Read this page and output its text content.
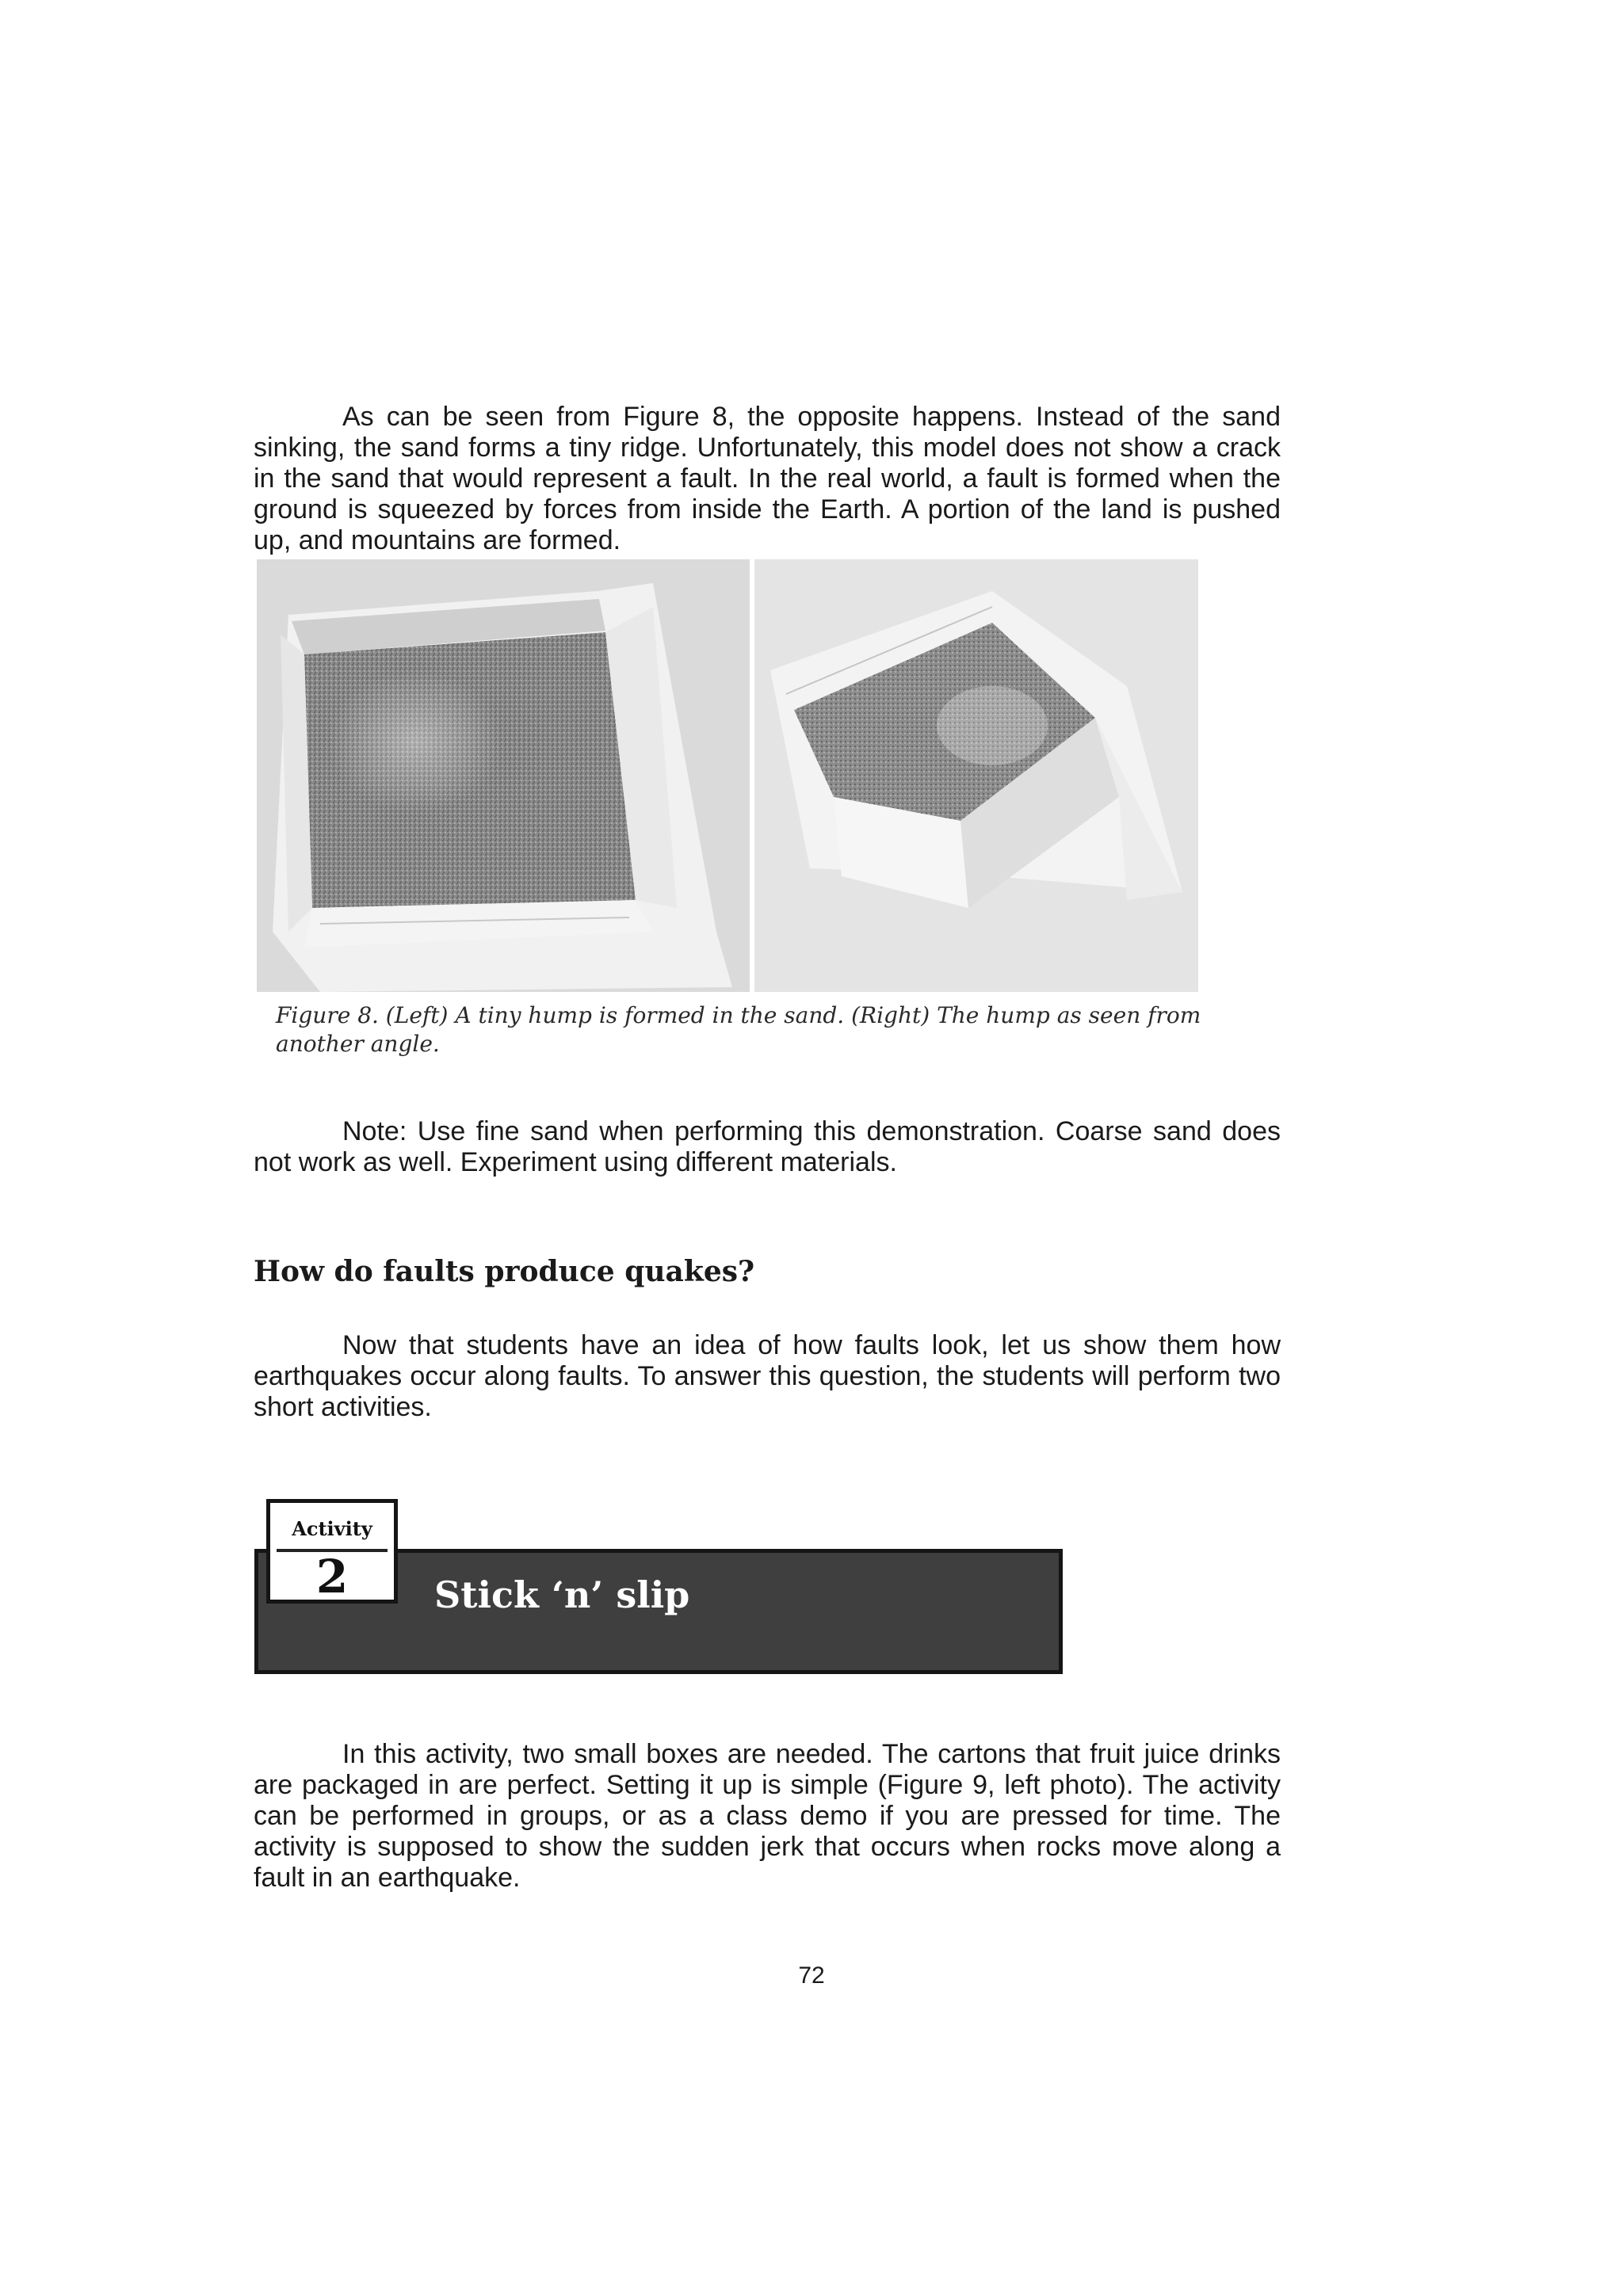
As can be seen from Figure 8, the opposite happens. Instead of the sand sinking, the sand forms a tiny ridge. Unfortunately, this model does not show a crack in the sand that would represent a fault. In the real world, a fault is formed when the ground is squeezed by forces from inside the Earth. A portion of the land is pushed up, and mountains are formed.

Figure 8. (Left) A tiny hump is formed in the sand. (Right) The hump as seen from another angle.

Note: Use fine sand when performing this demonstration. Coarse sand does not work as well. Experiment using different materials.

How do faults produce quakes?

Now that students have an idea of how faults look, let us show them how earthquakes occur along faults. To answer this question, the students will perform two short activities.

Activity
2	Stick ‘n’ slip

In this activity, two small boxes are needed. The cartons that fruit juice drinks are packaged in are perfect. Setting it up is simple (Figure 9, left photo). The activity can be performed in groups, or as a class demo if you are pressed for time. The activity is supposed to show the sudden jerk that occurs when rocks move along a fault in an earthquake.

72
